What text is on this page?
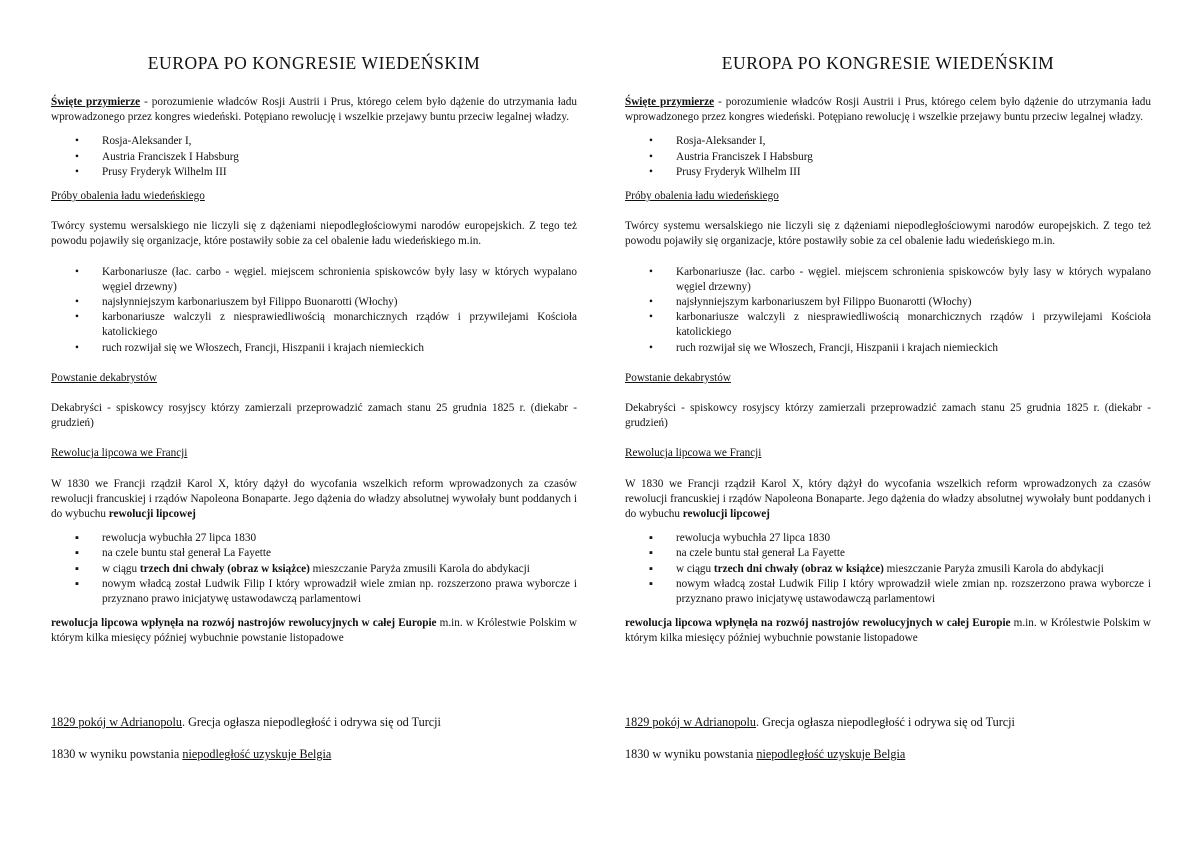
EUROPA PO KONGRESIE WIEDEŃSKIM

Święte przymierze - porozumienie władców Rosji Austrii i Prus, którego celem było dążenie do utrzymania ładu wprowadzonego przez kongres wiedeński. Potępiano rewolucję i wszelkie przejawy buntu przeciw legalnej władzy.

•	Rosja-Aleksander I,
•	Austria Franciszek I Habsburg
•	Prusy Fryderyk Wilhelm III

Próby obalenia ładu wiedeńskiego

Twórcy systemu wersalskiego nie liczyli się z dążeniami niepodległościowymi narodów europejskich. Z tego też powodu pojawiły się organizacje, które postawiły sobie za cel obalenie ładu wiedeńskiego m.in.

•	Karbonariusze (łac. carbo - węgiel. miejscem schronienia spiskowców były lasy w których wypalano węgiel drzewny)
•	najsłynniejszym karbonariuszem był Filippo Buonarotti (Włochy)
•	karbonariusze walczyli z niesprawiedliwością monarchicznych rządów i przywilejami Kościoła katolickiego
•	ruch rozwijał się we Włoszech, Francji, Hiszpanii i krajach niemieckich

Powstanie dekabrystów

Dekabryści - spiskowcy rosyjscy którzy zamierzali przeprowadzić zamach stanu 25 grudnia 1825 r. (diekabr - grudzień)

Rewolucja lipcowa we Francji

W 1830 we Francji rządził Karol X, który dążył do wycofania wszelkich reform wprowadzonych za czasów rewolucji francuskiej i rządów Napoleona Bonaparte. Jego dążenia do władzy absolutnej wywołały bunt poddanych i do wybuchu rewolucji lipcowej

▪	rewolucja wybuchła 27 lipca 1830
▪	na czele buntu stał generał La Fayette
▪	w ciągu trzech dni chwały (obraz w książce) mieszczanie Paryża zmusili Karola do abdykacji
▪	nowym władcą został Ludwik Filip I który wprowadził wiele zmian np. rozszerzono prawa wyborcze i przyznano prawo inicjatywę ustawodawczą parlamentowi

rewolucja lipcowa wpłynęła na rozwój nastrojów rewolucyjnych w całej Europie m.in. w Królestwie Polskim w którym kilka miesięcy później wybuchnie powstanie listopadowe

1829 pokój w Adrianopolu. Grecja ogłasza niepodległość i odrywa się od Turcji

1830 w wyniku powstania niepodległość uzyskuje Belgia

EUROPA PO KONGRESIE WIEDEŃSKIM

Święte przymierze - porozumienie władców Rosji Austrii i Prus, którego celem było dążenie do utrzymania ładu wprowadzonego przez kongres wiedeński. Potępiano rewolucję i wszelkie przejawy buntu przeciw legalnej władzy.

•	Rosja-Aleksander I,
•	Austria Franciszek I Habsburg
•	Prusy Fryderyk Wilhelm III

Próby obalenia ładu wiedeńskiego

Twórcy systemu wersalskiego nie liczyli się z dążeniami niepodległościowymi narodów europejskich. Z tego też powodu pojawiły się organizacje, które postawiły sobie za cel obalenie ładu wiedeńskiego m.in.

•	Karbonariusze (łac. carbo - węgiel. miejscem schronienia spiskowców były lasy w których wypalano węgiel drzewny)
•	najsłynniejszym karbonariuszem był Filippo Buonarotti (Włochy)
•	karbonariusze walczyli z niesprawiedliwością monarchicznych rządów i przywilejami Kościoła katolickiego
•	ruch rozwijał się we Włoszech, Francji, Hiszpanii i krajach niemieckich

Powstanie dekabrystów

Dekabryści - spiskowcy rosyjscy którzy zamierzali przeprowadzić zamach stanu 25 grudnia 1825 r. (diekabr - grudzień)

Rewolucja lipcowa we Francji

W 1830 we Francji rządził Karol X, który dążył do wycofania wszelkich reform wprowadzonych za czasów rewolucji francuskiej i rządów Napoleona Bonaparte. Jego dążenia do władzy absolutnej wywołały bunt poddanych i do wybuchu rewolucji lipcowej

▪	rewolucja wybuchła 27 lipca 1830
▪	na czele buntu stał generał La Fayette
▪	w ciągu trzech dni chwały (obraz w książce) mieszczanie Paryża zmusili Karola do abdykacji
▪	nowym władcą został Ludwik Filip I który wprowadził wiele zmian np. rozszerzono prawa wyborcze i przyznano prawo inicjatywę ustawodawczą parlamentowi

rewolucja lipcowa wpłynęła na rozwój nastrojów rewolucyjnych w całej Europie m.in. w Królestwie Polskim w którym kilka miesięcy później wybuchnie powstanie listopadowe

1829 pokój w Adrianopolu. Grecja ogłasza niepodległość i odrywa się od Turcji

1830 w wyniku powstania niepodległość uzyskuje Belgia
